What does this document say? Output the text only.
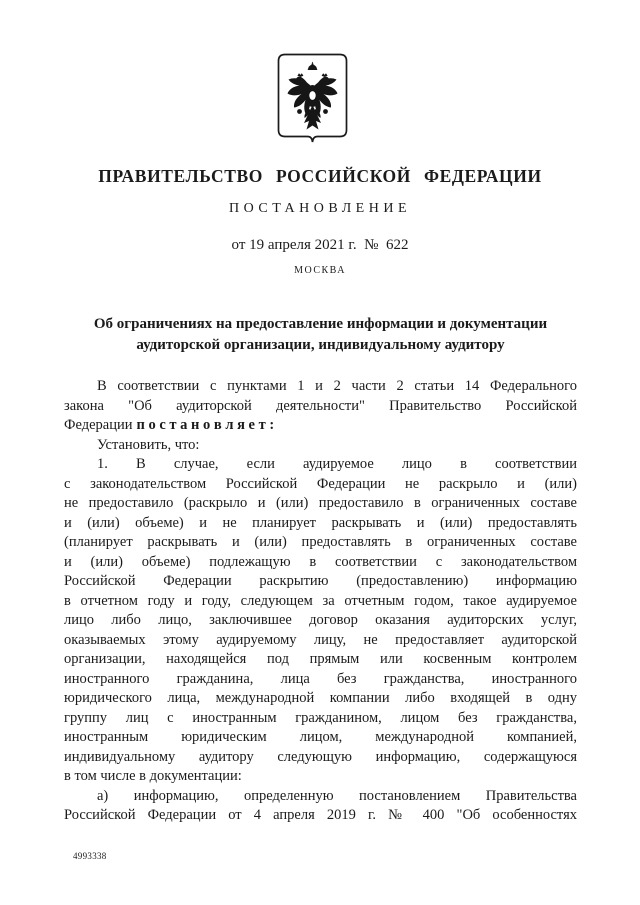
ПРАВИТЕЛЬСТВО РОССИЙСКОЙ ФЕДЕРАЦИИ
ПОСТАНОВЛЕНИЕ
от 19 апреля 2021 г.  №  622
МОСКВА
Об ограничениях на предоставление информации и документации аудиторской организации, индивидуальному аудитору
В соответствии с пунктами 1 и 2 части 2 статьи 14 Федерального
закона "Об аудиторской деятельности" Правительство Российской
Федерации п о с т а н о в л я е т :
Установить, что:
1. В случае, если аудируемое лицо в соответствии
с законодательством Российской Федерации не раскрыло и (или)
не предоставило (раскрыло и (или) предоставило в ограниченных составе
и (или) объеме) и не планирует раскрывать и (или) предоставлять
(планирует раскрывать и (или) предоставлять в ограниченных составе
и (или) объеме) подлежащую в соответствии с законодательством
Российской Федерации раскрытию (предоставлению) информацию
в отчетном году и году, следующем за отчетным годом, такое аудируемое
лицо либо лицо, заключившее договор оказания аудиторских услуг,
оказываемых этому аудируемому лицу, не предоставляет аудиторской
организации, находящейся под прямым или косвенным контролем
иностранного гражданина, лица без гражданства, иностранного
юридического лица, международной компании либо входящей в одну
группу лиц с иностранным гражданином, лицом без гражданства,
иностранным юридическим лицом, международной компанией,
индивидуальному аудитору следующую информацию, содержащуюся
в том числе в документации:
а) информацию, определенную постановлением Правительства
Российской Федерации от 4 апреля 2019 г. № 400 "Об особенностях
4993338
